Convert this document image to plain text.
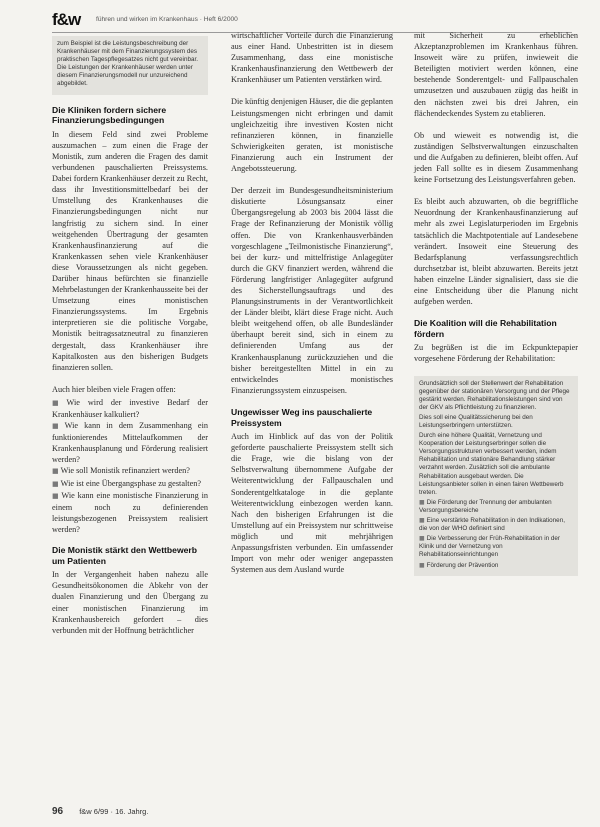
f&w führen und wirken im Krankenhaus · Heft 6/2000

zum Beispiel ist die Leistungsbeschreibung der Krankenhäuser mit dem Finanzierungssystem des praktischen Tagespflegesatzes nicht gut vereinbar. Die Leistungen der Krankenhäuser werden unter diesem Finanzierungsmodell nur unzureichend abgebildet.

Die Kliniken fordern sichere Finanzierungsbedingungen

In diesem Feld sind zwei Probleme auszumachen – zum einen die Frage der Monistik, zum anderen die Fragen des damit verbundenen pauschalierten Preissystems. Dabei fordern Krankenhäuser derzeit zu Recht, dass ihr Investitionsmittelbedarf bei der Umstellung des Krankenhauses die Finanzierungsbedingungen nicht nur langfristig zu sichern sind. In einer weitgehenden Übertragung der gesamten Krankenhausfinanzierung auf die Krankenkassen sehen viele Krankenhäuser diese Voraussetzungen als nicht gegeben. Darüber hinaus befürchten sie finanzielle Mehrbelastungen der Krankenhausseite bei der Umsetzung eines monistischen Finanzierungssystems. Im Ergebnis interpretieren sie die politische Vorgabe, Monistik beitragssatzneutral zu finanzieren dergestalt, dass Krankenhäuser ihre Kapitalkosten aus den bisherigen Budgets finanzieren sollen.

Auch hier bleiben viele Fragen offen:

■ Wie wird der investive Bedarf der Krankenhäuser kalkuliert?
■ Wie kann in dem Zusammenhang ein funktionierendes Mittelaufkommen der Krankenhausplanung und Förderung realisiert werden?
■ Wie soll Monistik refinanziert werden?
■ Wie ist eine Übergangsphase zu gestalten?
■ Wie kann eine monistische Finanzierung in einem noch zu definierenden leistungsbezogenen Preissystem realisiert werden?
Die Monistik stärkt den Wettbewerb um Patienten

In der Vergangenheit haben nahezu alle Gesundheitsökonomen die Abkehr von der dualen Finanzierung und den Übergang zu einer monistischen Finanzierung im Krankenhausbereich gefordert – dies verbunden mit der Hoffnung beträchtlicher

wirtschaftlicher Vorteile durch die Finanzierung aus einer Hand. Unbestritten ist in diesem Zusammenhang, dass eine monistische Krankenhausfinanzierung den Wettbewerb der Krankenhäuser um Patienten verstärken wird.

Die künftig denjenigen Häuser, die die geplanten Leistungsmengen nicht erbringen und damit ungleichzeitig ihre investiven Kosten nicht refinanzieren können, in finanzielle Schwierigkeiten geraten, ist monistische Finanzierung auch ein Instrument der Angebotssteuerung.

Der derzeit im Bundesgesundheitsministerium diskutierte Lösungsansatz einer Übergangsregelung ab 2003 bis 2004 lässt die Frage der Refinanzierung der Monistik völlig offen. Die von Krankenhausverbänden vorgeschlagene „Teilmonistische Finanzierung“, bei der kurz- und mittelfristige Anlagegüter durch die GKV finanziert werden, während die Förderung langfristiger Anlagegüter aufgrund des Sicherstellungsauftrags und des Planungsinstruments in der Verantwortlichkeit der Länder bleibt, klärt diese Frage nicht. Auch bleibt weitgehend offen, ob alle Bundesländer überhaupt bereit sind, sich in einem zu definierenden Umfang aus der Krankenhausplanung zurückzuziehen und die bisher bereitgestellten Mittel in ein zu entwickelndes monistisches Finanzierungssystem einzuspeisen.

Ungewisser Weg ins pauschalierte Preissystem

Auch im Hinblick auf das von der Politik geforderte pauschalierte Preissystem stellt sich die Frage, wie die bislang von der Selbstverwaltung übernommene Aufgabe der Weiterentwicklung der Fallpauschalen und Sonderentgeltkataloge in die geplante Weiterentwicklung einbezogen werden kann. Nach den bisherigen Erfahrungen ist die Umstellung auf ein Preissystem nur schrittweise möglich und mit mehrjährigen Anpassungsfristen verbunden. Ein umfassender Import von mehr oder weniger angepassten Systemen aus dem Ausland wurde

mit Sicherheit zu erheblichen Akzeptanzproblemen im Krankenhaus führen. Insoweit wäre zu prüfen, inwieweit die Beteiligten motiviert werden können, eine bestehende Sonderentgelt- und Fallpauschalen umzusetzen und auszubauen zügig das heißt in den nächsten zwei bis drei Jahren, ein flächendeckendes System zu etablieren.

Ob und wieweit es notwendig ist, die zuständigen Selbstverwaltungen einzuschalten und die Aufgaben zu definieren, bleibt offen. Auf jeden Fall sollte es in diesem Zusammenhang keine Fortsetzung des Leistungsverfahren geben.

Es bleibt auch abzuwarten, ob die begriffliche Neuordnung der Krankenhausfinanzierung auf mehr als zwei Legislaturperioden im Ergebnis tatsächlich die Machtpotentiale auf Landesebene verändert. Insoweit eine Steuerung des Bedarfsplanung verfassungsrechtlich durchsetzbar ist, bleibt abzuwarten. Bereits jetzt haben einzelne Länder signalisiert, dass sie die eine Entscheidung über die Planung nicht aufgeben werden.

Die Koalition will die Rehabilitation fördern

Zu begrüßen ist die im Eckpunktepapier vorgesehene Förderung der Rehabilitation:

Grundsätzlich soll der Stellenwert der Rehabilitation gegenüber der stationären Versorgung und der Pflege gestärkt werden. Rehabilitationsleistungen sind von der GKV als Pflichtleistung zu finanzieren.

Dies soll eine Qualitätssicherung bei den Leistungserbringern unterstützen.

Durch eine höhere Qualität, Vernetzung und Kooperation der Leistungserbringer sollen die Versorgungsstrukturen verbessert werden, indem Rehabilitation und stationäre Behandlung stärker verzahnt werden. Zusätzlich soll die ambulante Rehabilitation ausgebaut werden. Die Leistungsanbieter sollen in einen fairen Wettbewerb treten.

■ Die Förderung der Trennung der ambulanten Versorgungsbereiche
■ Eine verstärkte Rehabilitation in den Indikationen, die von der WHO definiert sind
■ Die Verbesserung der Früh-Rehabilitation in der Klinik und der Vernetzung von Rehabilitationseinrichtungen
■ Förderung der Prävention
96 f&w 6/99 · 16. Jahrg.
